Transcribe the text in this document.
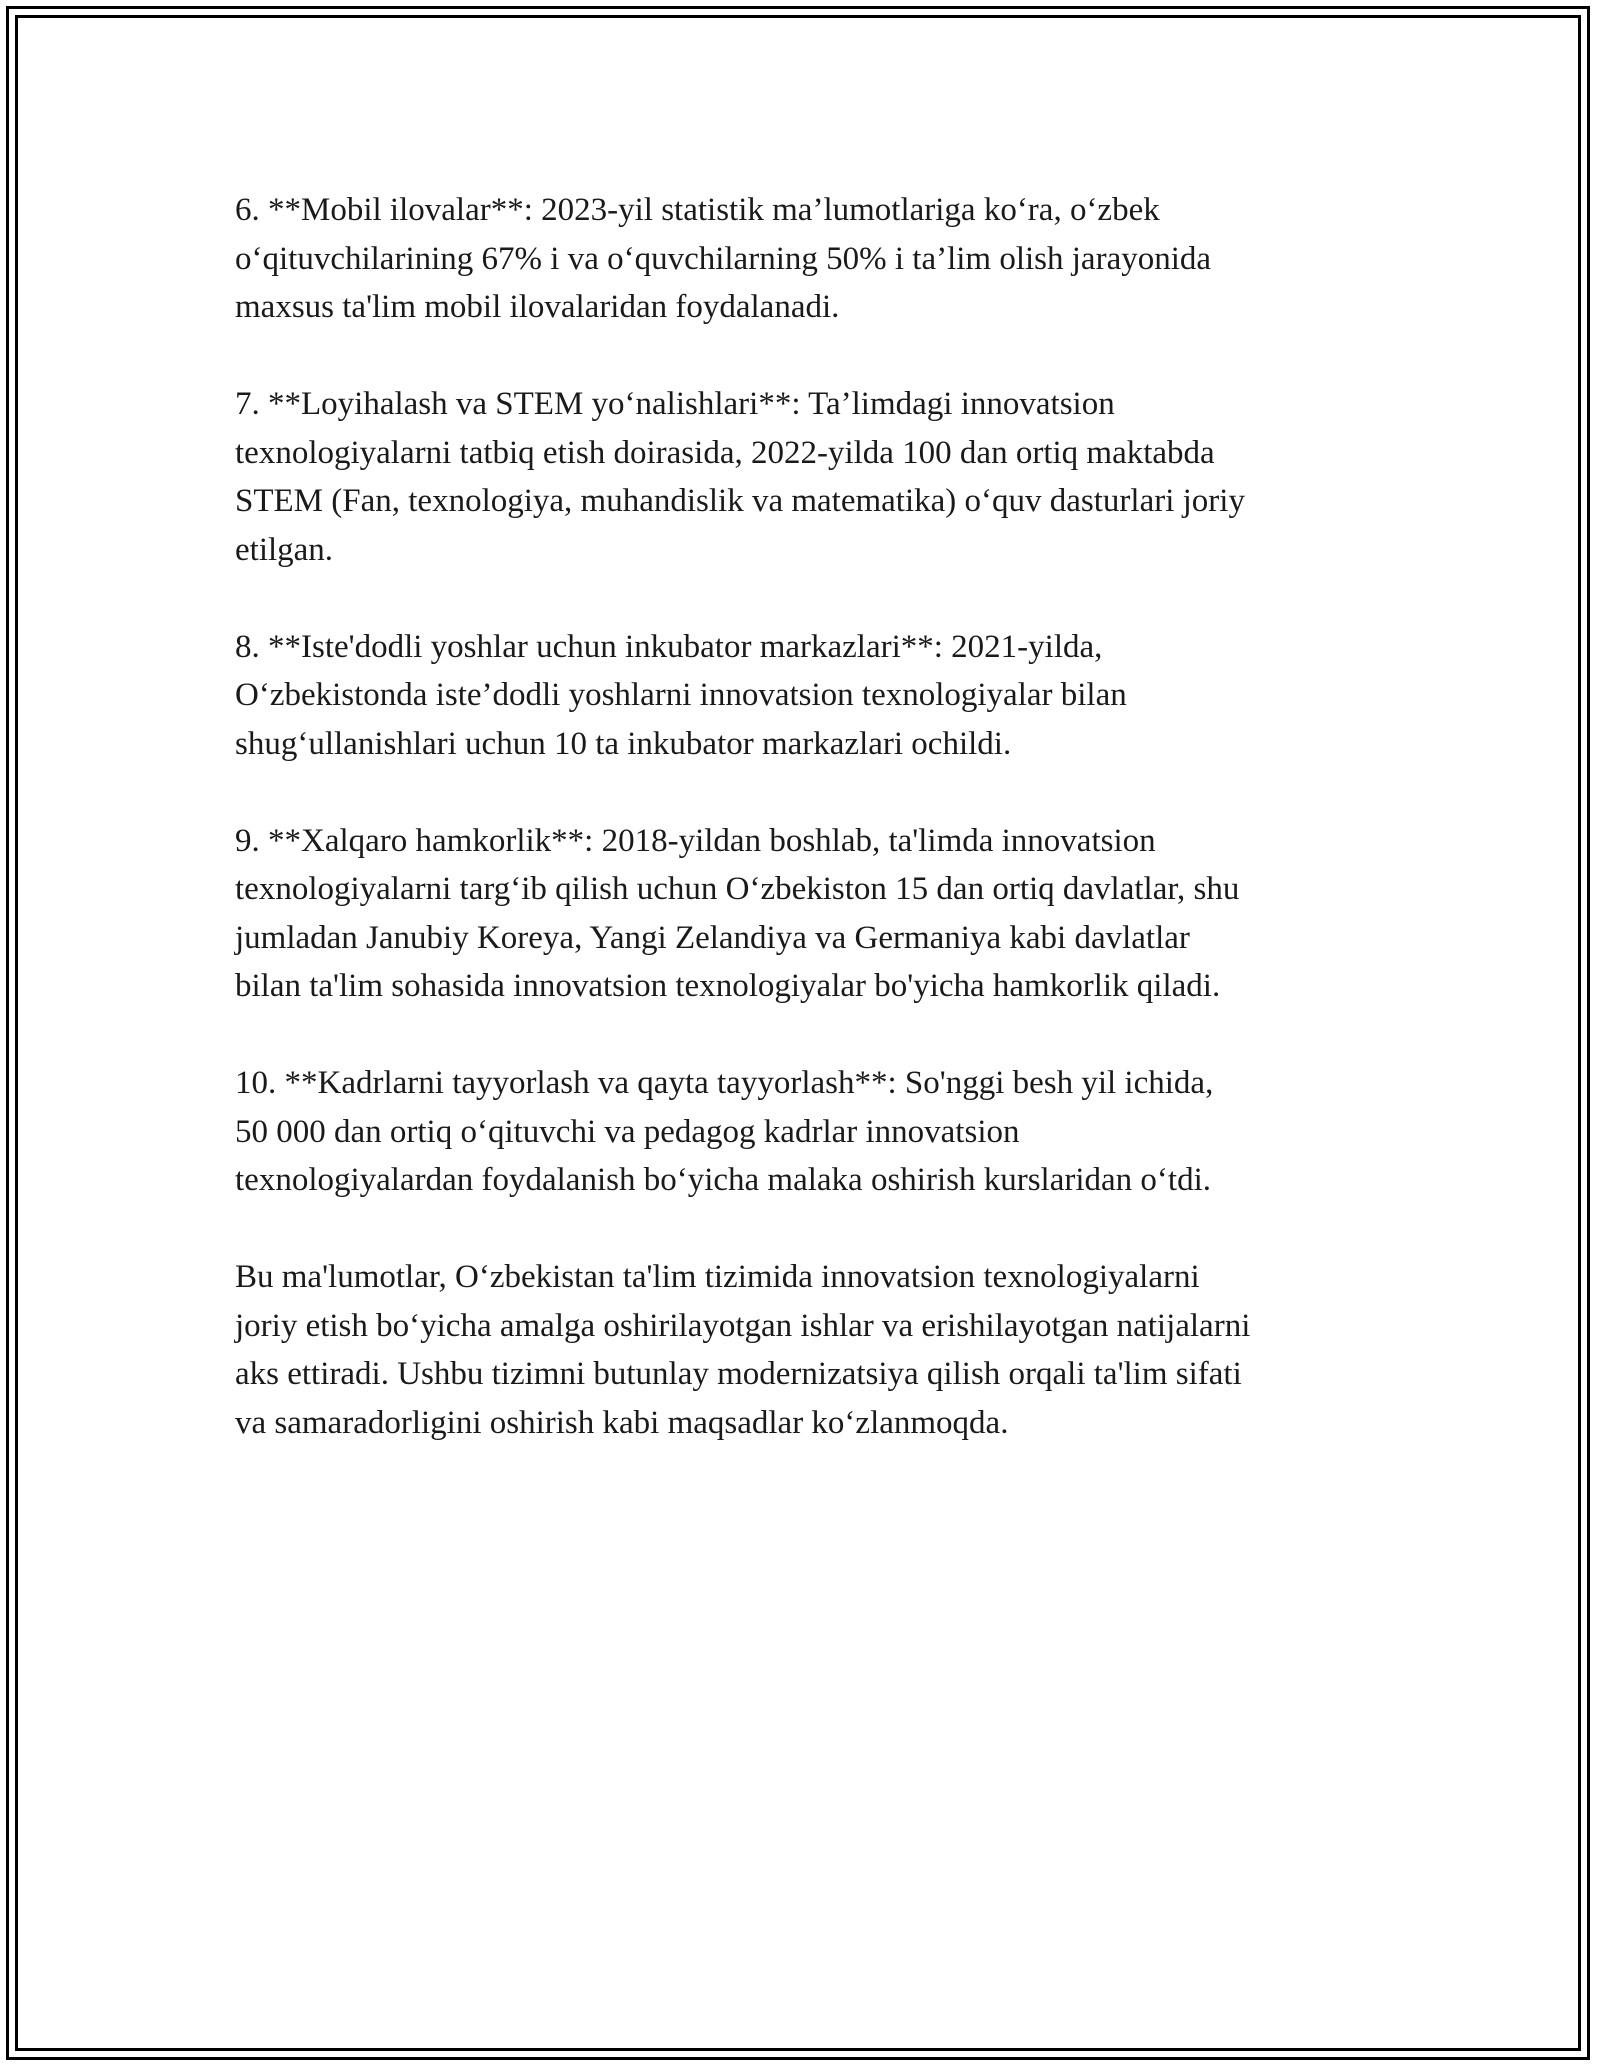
6. **Mobil ilovalar**: 2023-yil statistik ma’lumotlariga ko‘ra, o‘zbek
o‘qituvchilarining 67% i va o‘quvchilarning 50% i ta’lim olish jarayonida
maxsus ta'lim mobil ilovalaridan foydalanadi.

7. **Loyihalash va STEM yo‘nalishlari**: Ta’limdagi innovatsion
texnologiyalarni tatbiq etish doirasida, 2022-yilda 100 dan ortiq maktabda
STEM (Fan, texnologiya, muhandislik va matematika) o‘quv dasturlari joriy
etilgan.

8. **Iste'dodli yoshlar uchun inkubator markazlari**: 2021-yilda,
O‘zbekistonda iste’dodli yoshlarni innovatsion texnologiyalar bilan
shug‘ullanishlari uchun 10 ta inkubator markazlari ochildi.

9. **Xalqaro hamkorlik**: 2018-yildan boshlab, ta'limda innovatsion
texnologiyalarni targ‘ib qilish uchun O‘zbekiston 15 dan ortiq davlatlar, shu
jumladan Janubiy Koreya, Yangi Zelandiya va Germaniya kabi davlatlar
bilan ta'lim sohasida innovatsion texnologiyalar bo'yicha hamkorlik qiladi.

10. **Kadrlarni tayyorlash va qayta tayyorlash**: So'nggi besh yil ichida,
50 000 dan ortiq o‘qituvchi va pedagog kadrlar innovatsion
texnologiyalardan foydalanish bo‘yicha malaka oshirish kurslaridan o‘tdi.

Bu ma'lumotlar, O‘zbekistan ta'lim tizimida innovatsion texnologiyalarni
joriy etish bo‘yicha amalga oshirilayotgan ishlar va erishilayotgan natijalarni
aks ettiradi. Ushbu tizimni butunlay modernizatsiya qilish orqali ta'lim sifati
va samaradorligini oshirish kabi maqsadlar ko‘zlanmoqda.
